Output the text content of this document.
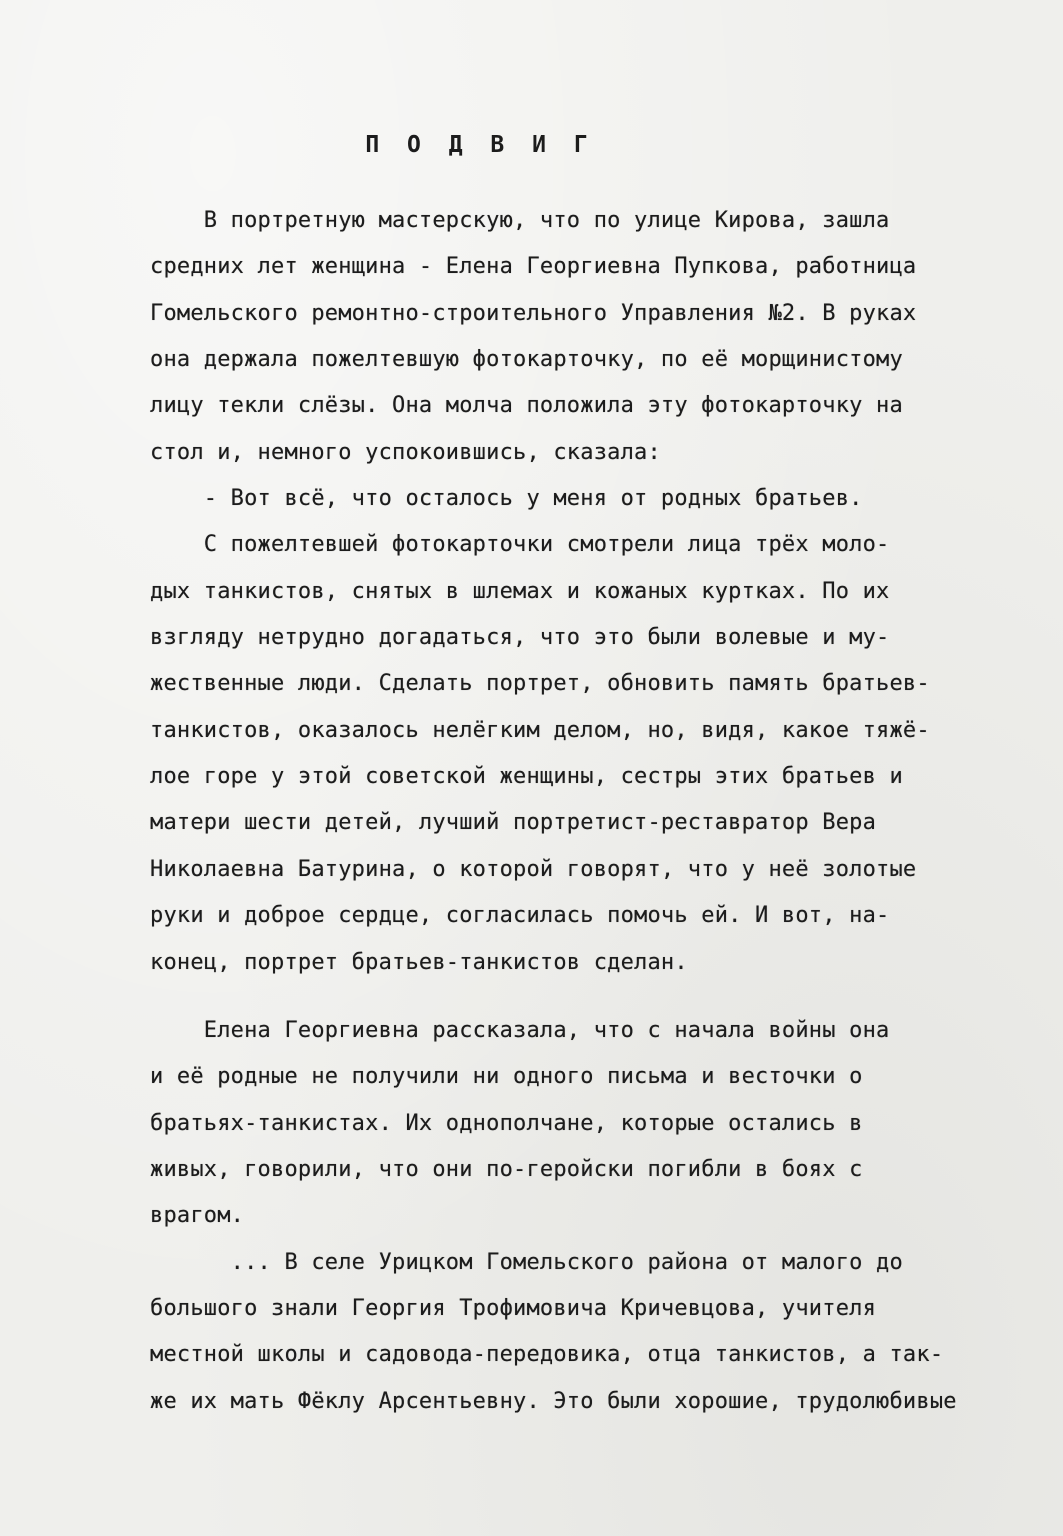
П О Д В И Г
В портретную мастерскую, что по улице Кирова, зашла
средних лет женщина - Елена Георгиевна Пупкова, работница
Гомельского ремонтно-строительного Управления №2. В руках
она держала пожелтевшую фотокарточку, по её морщинистому
лицу текли слёзы. Она молча положила эту фотокарточку на
стол и, немного успокоившись, сказала:
- Вот всё, что осталось у меня от родных братьев.
С пожелтевшей фотокарточки смотрели лица трёх моло-
дых танкистов, снятых в шлемах и кожаных куртках. По их
взгляду нетрудно догадаться, что это были волевые и му-
жественные люди. Сделать портрет, обновить память братьев-
танкистов, оказалось нелёгким делом, но, видя, какое тяжё-
лое горе у этой советской женщины, сестры этих братьев и
матери шести детей, лучший портретист-реставратор Вера
Николаевна Батурина, о которой говорят, что у неё золотые
руки и доброе сердце, согласилась помочь ей. И вот, на-
конец, портрет братьев-танкистов сделан.
Елена Георгиевна рассказала, что с начала войны она
и её родные не получили ни одного письма и весточки о
братьях-танкистах. Их однополчане, которые остались в
живых, говорили, что они по-геройски погибли в боях с
врагом.
... В селе Урицком Гомельского района от малого до
большого знали Георгия Трофимовича Кричевцова, учителя
местной школы и садовода-передовика, отца танкистов, а так-
же их мать Фёклу Арсентьевну. Это были хорошие, трудолюбивые
